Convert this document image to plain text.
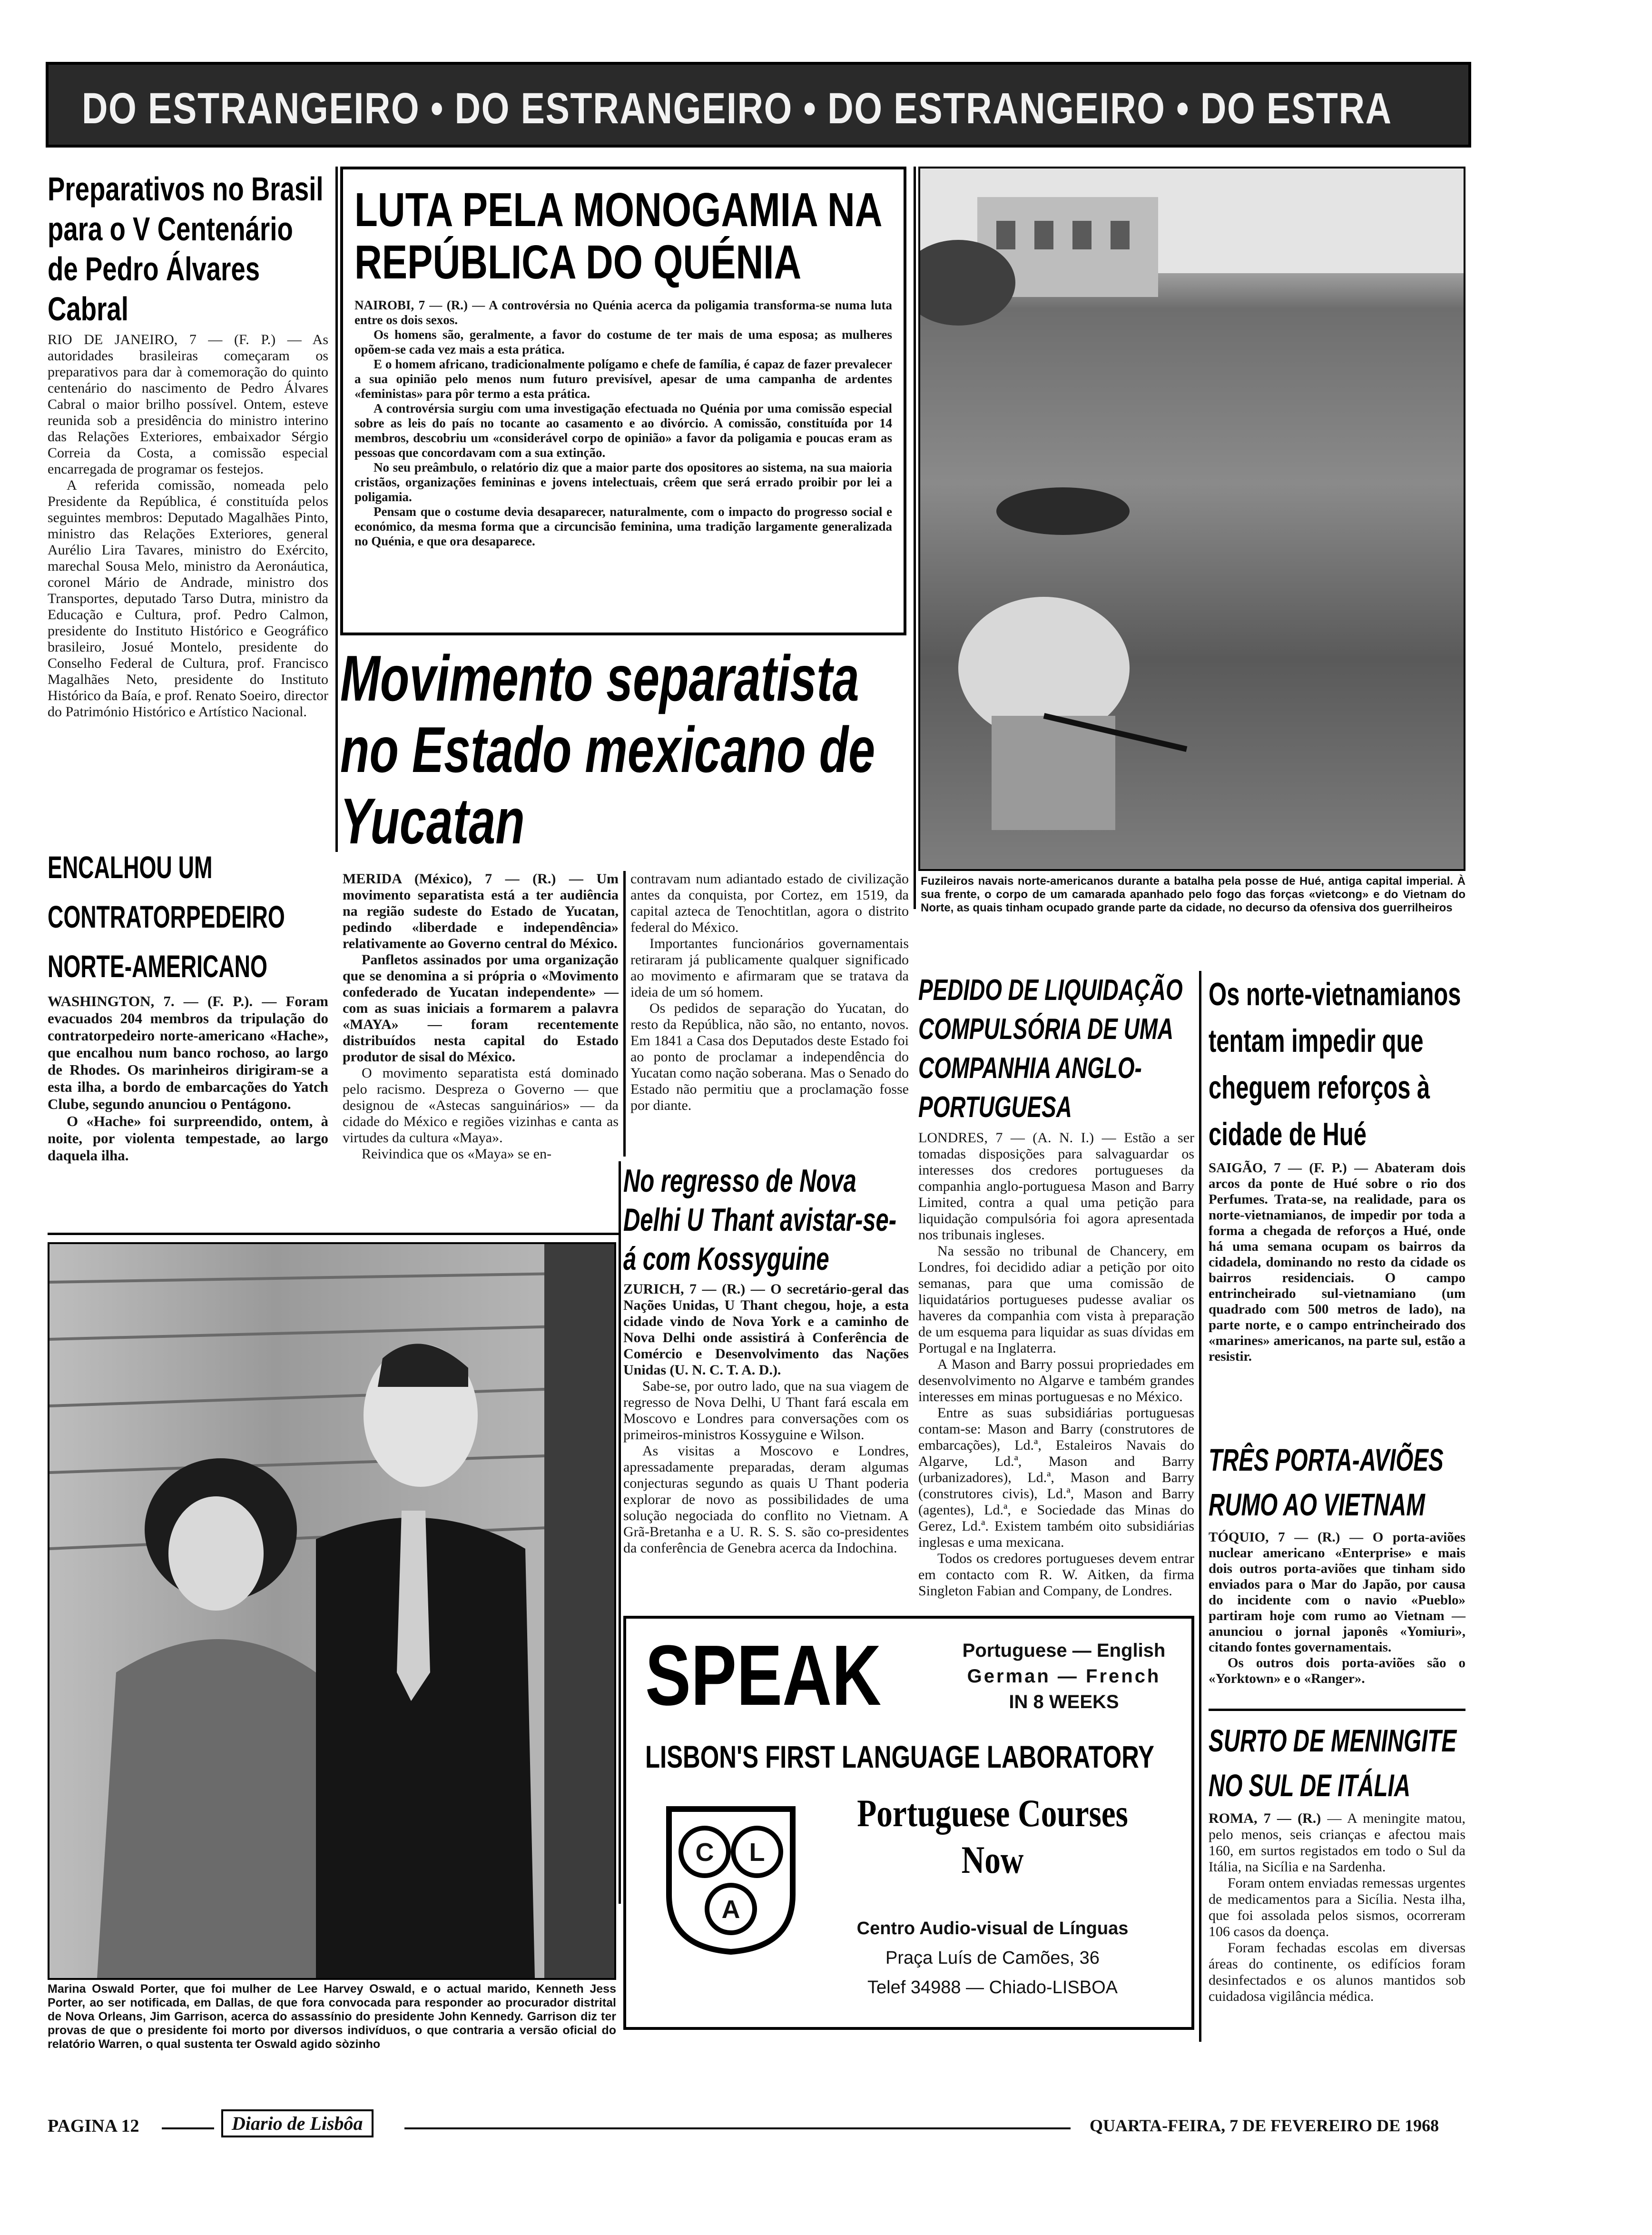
DO ESTRANGEIRO • DO ESTRANGEIRO • DO ESTRANGEIRO • DO ESTRA
Preparativos no Brasil para o V Centenário de Pedro Álvares Cabral

RIO DE JANEIRO, 7 — (F. P.) — As autoridades brasileiras começaram os preparativos para dar à comemoração do quinto centenário do nascimento de Pedro Álvares Cabral o maior brilho possível. Ontem, esteve reunida sob a presidência do ministro interino das Relações Exteriores, embaixador Sérgio Correia da Costa, a comissão especial encarregada de programar os festejos.

A referida comissão, nomeada pelo Presidente da República, é constituída pelos seguintes membros: Deputado Magalhães Pinto, ministro das Relações Exteriores, general Aurélio Lira Tavares, ministro do Exército, marechal Sousa Melo, ministro da Aeronáutica, coronel Mário de Andrade, ministro dos Transportes, deputado Tarso Dutra, ministro da Educação e Cultura, prof. Pedro Calmon, presidente do Instituto Histórico e Geográfico brasileiro, Josué Montelo, presidente do Conselho Federal de Cultura, prof. Francisco Magalhães Neto, presidente do Instituto Histórico da Baía, e prof. Renato Soeiro, director do Património Histórico e Artístico Nacional.

ENCALHOU UM CONTRATORPEDEIRO NORTE-AMERICANO

WASHINGTON, 7. — (F. P.). — Foram evacuados 204 membros da tripulação do contratorpedeiro norte-americano «Hache», que encalhou num banco rochoso, ao largo de Rhodes. Os marinheiros dirigiram-se a esta ilha, a bordo de embarcações do Yatch Clube, segundo anunciou o Pentágono.

O «Hache» foi surpreendido, ontem, à noite, por violenta tempestade, ao largo daquela ilha.

LUTA PELA MONOGAMIA NA REPÚBLICA DO QUÉNIA

NAIROBI, 7 — (R.) — A controvérsia no Quénia acerca da poligamia transforma-se numa luta entre os dois sexos.

Os homens são, geralmente, a favor do costume de ter mais de uma esposa; as mulheres opõem-se cada vez mais a esta prática.

E o homem africano, tradicionalmente polígamo e chefe de família, é capaz de fazer prevalecer a sua opinião pelo menos num futuro previsível, apesar de uma campanha de ardentes «feministas» para pôr termo a esta prática.

A controvérsia surgiu com uma investigação efectuada no Quénia por uma comissão especial sobre as leis do país no tocante ao casamento e ao divórcio. A comissão, constituída por 14 membros, descobriu um «considerável corpo de opinião» a favor da poligamia e poucas eram as pessoas que concordavam com a sua extinção.

No seu preâmbulo, o relatório diz que a maior parte dos opositores ao sistema, na sua maioria cristãos, organizações femininas e jovens intelectuais, crêem que será errado proibir por lei a poligamia.

Pensam que o costume devia desaparecer, naturalmente, com o impacto do progresso social e económico, da mesma forma que a circuncisão feminina, uma tradição largamente generalizada no Quénia, e que ora desaparece.

Movimento separatista no Estado mexicano de Yucatan

MERIDA (México), 7 — (R.) — Um movimento separatista está a ter audiência na região sudeste do Estado de Yucatan, pedindo «liberdade e independência» relativamente ao Governo central do México.

Panfletos assinados por uma organização que se denomina a si própria o «Movimento confederado de Yucatan independente» — com as suas iniciais a formarem a palavra «MAYA» — foram recentemente distribuídos nesta capital do Estado produtor de sisal do México.

O movimento separatista está dominado pelo racismo. Despreza o Governo — que designou de «Astecas sanguinários» — da cidade do México e regiões vizinhas e canta as virtudes da cultura «Maya».

Reivindica que os «Maya» se en-

contravam num adiantado estado de civilização antes da conquista, por Cortez, em 1519, da capital azteca de Tenochtitlan, agora o distrito federal do México.

Importantes funcionários governamentais retiraram já publicamente qualquer significado ao movimento e afirmaram que se tratava da ideia de um só homem.

Os pedidos de separação do Yucatan, do resto da República, não são, no entanto, novos. Em 1841 a Casa dos Deputados deste Estado foi ao ponto de proclamar a independência do Yucatan como nação soberana. Mas o Senado do Estado não permitiu que a proclamação fosse por diante.

Fuzileiros navais norte-americanos durante a batalha pela posse de Hué, antiga capital imperial. À sua frente, o corpo de um camarada apanhado pelo fogo das forças «vietcong» e do Vietnam do Norte, as quais tinham ocupado grande parte da cidade, no decurso da ofensiva dos guerrilheiros
PEDIDO DE LIQUIDAÇÃO COMPULSÓRIA DE UMA COMPANHIA ANGLO-PORTUGUESA

LONDRES, 7 — (A. N. I.) — Estão a ser tomadas disposições para salvaguardar os interesses dos credores portugueses da companhia anglo-portuguesa Mason and Barry Limited, contra a qual uma petição para liquidação compulsória foi agora apresentada nos tribunais ingleses.

Na sessão no tribunal de Chancery, em Londres, foi decidido adiar a petição por oito semanas, para que uma comissão de liquidatários portugueses pudesse avaliar os haveres da companhia com vista à preparação de um esquema para liquidar as suas dívidas em Portugal e na Inglaterra.

A Mason and Barry possui propriedades em desenvolvimento no Algarve e também grandes interesses em minas portuguesas e no México.

Entre as suas subsidiárias portuguesas contam-se: Mason and Barry (construtores de embarcações), Ld.ª, Estaleiros Navais do Algarve, Ld.ª, Mason and Barry (urbanizadores), Ld.ª, Mason and Barry (construtores civis), Ld.ª, Mason and Barry (agentes), Ld.ª, e Sociedade das Minas do Gerez, Ld.ª. Existem também oito subsidiárias inglesas e uma mexicana.

Todos os credores portugueses devem entrar em contacto com R. W. Aitken, da firma Singleton Fabian and Company, de Londres.

Os norte-vietnamianos tentam impedir que cheguem reforços à cidade de Hué

SAIGÃO, 7 — (F. P.) — Abateram dois arcos da ponte de Hué sobre o rio dos Perfumes. Trata-se, na realidade, para os norte-vietnamianos, de impedir por toda a forma a chegada de reforços a Hué, onde há uma semana ocupam os bairros da cidadela, dominando no resto da cidade os bairros residenciais. O campo entrincheirado sul-vietnamiano (um quadrado com 500 metros de lado), na parte norte, e o campo entrincheirado dos «marines» americanos, na parte sul, estão a resistir.

No regresso de Nova Delhi U Thant avistar-se-á com Kossyguine

ZURICH, 7 — (R.) — O secretário-geral das Nações Unidas, U Thant chegou, hoje, a esta cidade vindo de Nova York e a caminho de Nova Delhi onde assistirá à Conferência de Comércio e Desenvolvimento das Nações Unidas (U. N. C. T. A. D.).

Sabe-se, por outro lado, que na sua viagem de regresso de Nova Delhi, U Thant fará escala em Moscovo e Londres para conversações com os primeiros-ministros Kossyguine e Wilson.

As visitas a Moscovo e Londres, apressadamente preparadas, deram algumas conjecturas segundo as quais U Thant poderia explorar de novo as possibilidades de uma solução negociada do conflito no Vietnam. A Grã-Bretanha e a U. R. S. S. são co-presidentes da conferência de Genebra acerca da Indochina.

TRÊS PORTA-AVIÕES RUMO AO VIETNAM

TÓQUIO, 7 — (R.) — O porta-aviões nuclear americano «Enterprise» e mais dois outros porta-aviões que tinham sido enviados para o Mar do Japão, por causa do incidente com o navio «Pueblo» partiram hoje com rumo ao Vietnam — anunciou o jornal japonês «Yomiuri», citando fontes governamentais.

Os outros dois porta-aviões são o «Yorktown» e o «Ranger».

SURTO DE MENINGITE NO SUL DE ITÁLIA

ROMA, 7 — (R.) — A meningite matou, pelo menos, seis crianças e afectou mais 160, em surtos registados em todo o Sul da Itália, na Sicília e na Sardenha.

Foram ontem enviadas remessas urgentes de medicamentos para a Sicília. Nesta ilha, que foi assolada pelos sismos, ocorreram 106 casos da doença.

Foram fechadas escolas em diversas áreas do continente, os edifícios foram desinfectados e os alunos mantidos sob cuidadosa vigilância médica.

Marina Oswald Porter, que foi mulher de Lee Harvey Oswald, e o actual marido, Kenneth Jess Porter, ao ser notificada, em Dallas, de que fora convocada para responder ao procurador distrital de Nova Orleans, Jim Garrison, acerca do assassínio do presidente John Kennedy. Garrison diz ter provas de que o presidente foi morto por diversos indivíduos, o que contraria a versão oficial do relatório Warren, o qual sustenta ter Oswald agido sòzinho
SPEAK	Portuguese — English
German — French
IN 8 WEEKS
LISBON'S FIRST LANGUAGE LABORATORY
C L
A
Portuguese Courses
Now
Centro Audio-visual de Línguas
Praça Luís de Camões, 36
Telef 34988 — Chiado-LISBOA
PAGINA 12	Diario de Lisbôa	QUARTA-FEIRA, 7 DE FEVEREIRO DE 1968
